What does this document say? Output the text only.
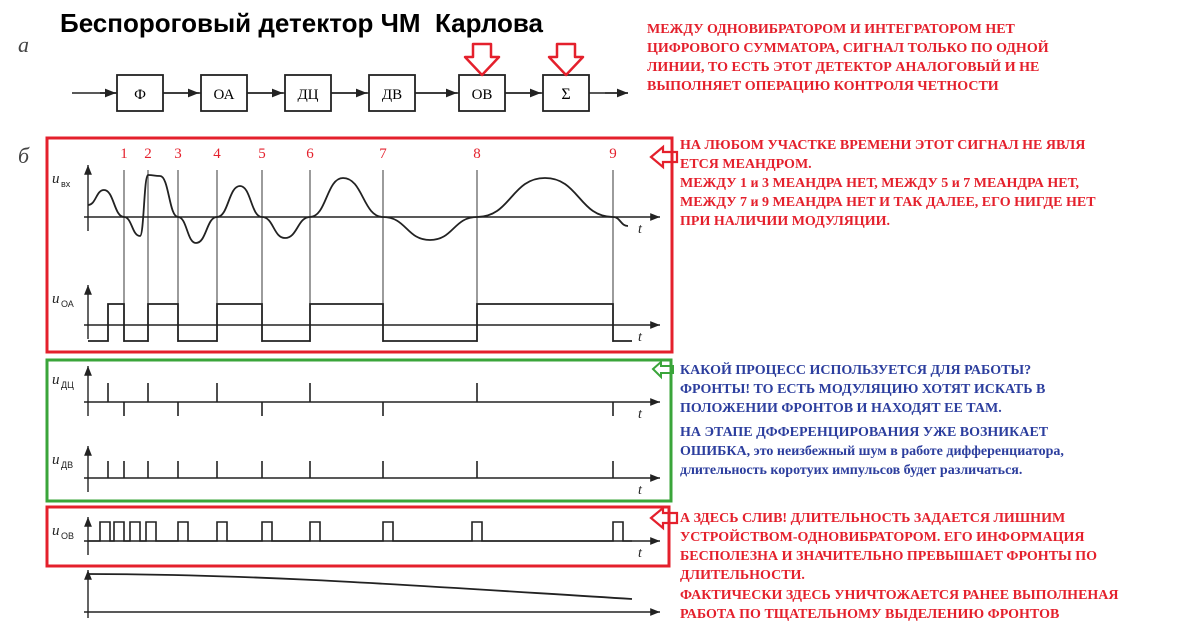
Беспороговый детектор ЧМ  Карлова
а
б
Ф	ОА	ДЦ	ДВ	ОВ	Σ
t
u вх
1 2 3 4	5	6	7	8	9
t
u ОА
t
u ДЦ
t
u ДВ
t
u ОВ
МЕЖДУ ОДНОВИБРАТОРОМ И ИНТЕГРАТОРОМ НЕТ
ЦИФРОВОГО СУММАТОРА, СИГНАЛ ТОЛЬКО ПО ОДНОЙ
ЛИНИИ, ТО ЕСТЬ ЭТОТ ДЕТЕКТОР АНАЛОГОВЫЙ И НЕ
ВЫПОЛНЯЕТ ОПЕРАЦИЮ КОНТРОЛЯ ЧЕТНОСТИ
НА ЛЮБОМ УЧАСТКЕ ВРЕМЕНИ ЭТОТ СИГНАЛ НЕ ЯВЛЯ
ЕТСЯ МЕАНДРОМ.
МЕЖДУ 1 и 3 МЕАНДРА НЕТ, МЕЖДУ 5 и 7 МЕАНДРА НЕТ,
МЕЖДУ 7 и 9 МЕАНДРА НЕТ И ТАК ДАЛЕЕ, ЕГО НИГДЕ НЕТ
ПРИ НАЛИЧИИ МОДУЛЯЦИИ.
КАКОЙ ПРОЦЕСС ИСПОЛЬЗУЕТСЯ ДЛЯ РАБОТЫ?
ФРОНТЫ! ТО ЕСТЬ МОДУЛЯЦИЮ ХОТЯТ ИСКАТЬ В
ПОЛОЖЕНИИ ФРОНТОВ И НАХОДЯТ ЕЕ ТАМ.
НА ЭТАПЕ ДФФЕРЕНЦИРОВАНИЯ УЖЕ ВОЗНИКАЕТ
ОШИБКА, это неизбежный шум в работе дифференциатора,
длительность коротуих импульсов будет различаться.
А ЗДЕСЬ СЛИВ! ДЛИТЕЛЬНОСТЬ ЗАДАЕТСЯ ЛИШНИМ
УСТРОЙСТВОМ-ОДНОВИБРАТОРОМ. ЕГО ИНФОРМАЦИЯ
БЕСПОЛЕЗНА И ЗНАЧИТЕЛЬНО ПРЕВЫШАЕТ ФРОНТЫ ПО
ДЛИТЕЛЬНОСТИ.
ФАКТИЧЕСКИ ЗДЕСЬ УНИЧТОЖАЕТСЯ РАНЕЕ ВЫПОЛНЕНАЯ
РАБОТА ПО ТЩАТЕЛЬНОМУ ВЫДЕЛЕНИЮ ФРОНТОВ
